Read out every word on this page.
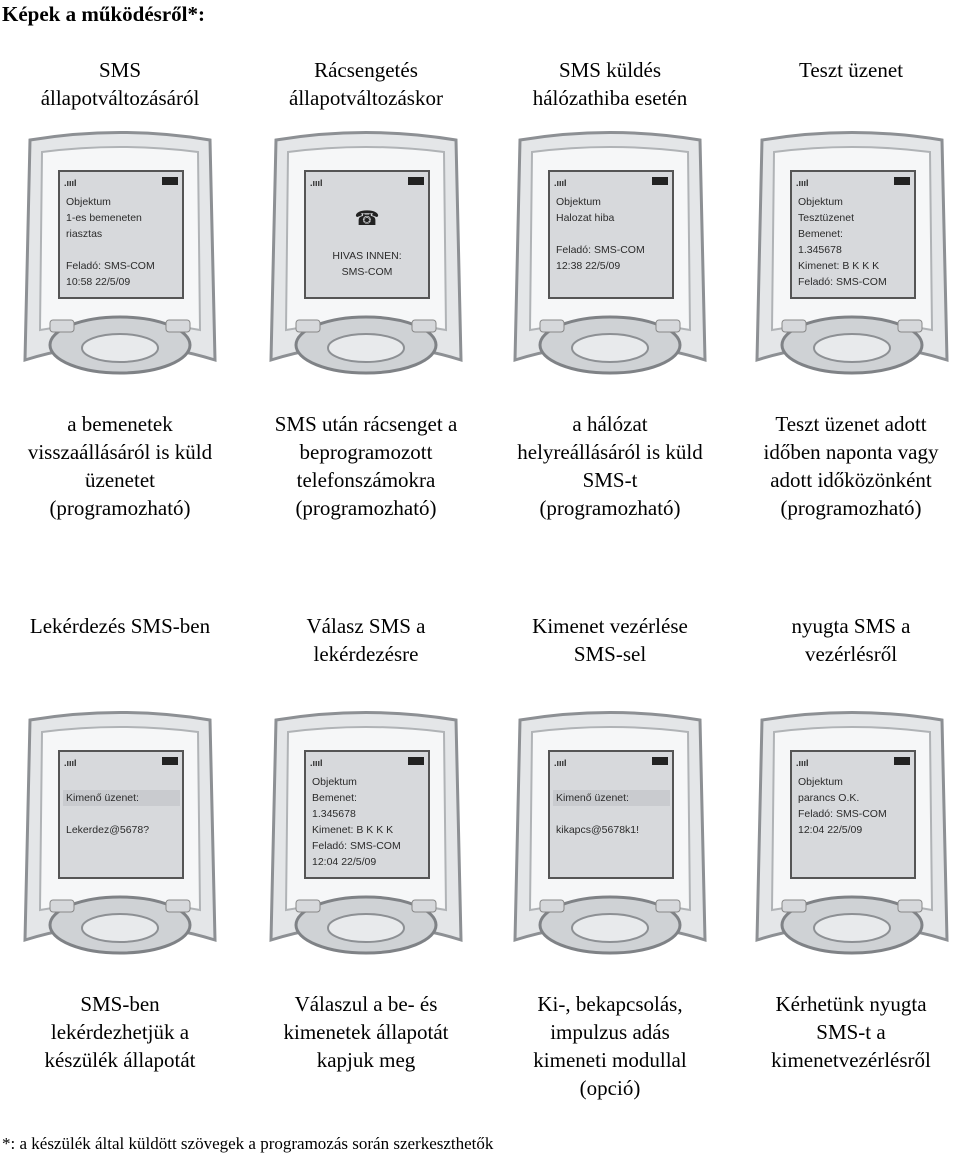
Képek a működésről*:
SMS
állapotváltozásáról
Rácsengetés
állapotváltozáskor
SMS küldés
hálózathiba esetén
Teszt üzenet
.ıııl
Objektum
1-es bemeneten
riasztas

Feladó: SMS-COM
10:58 22/5/09
.ıııl

☎

HIVAS INNEN:
SMS-COM

.ıııl
Objektum
Halozat hiba

Feladó: SMS-COM
12:38 22/5/09
.ıııl
Objektum
Tesztüzenet
Bemenet:
1.345678
Kimenet: B K K K
Feladó: SMS-COM
a bemenetek
visszaállásáról is küld
üzenetet
(programozható)
SMS után rácsenget a
beprogramozott
telefonszámokra
(programozható)
a hálózat
helyreállásáról is küld
SMS-t
(programozható)
Teszt üzenet adott
időben naponta vagy
adott időközönként
(programozható)
Lekérdezés SMS-ben	Válasz SMS a
lekérdezésre
Kimenet vezérlése
SMS-sel
nyugta SMS a
vezérlésről
.ıııl

Kimenő üzenet:

Lekerdez@5678?

.ıııl
Objektum
Bemenet:
1.345678
Kimenet: B K K K
Feladó: SMS-COM
12:04 22/5/09
.ıııl

Kimenő üzenet:

kikapcs@5678k1!

.ıııl
Objektum
parancs O.K.
Feladó: SMS-COM
12:04 22/5/09
SMS-ben
lekérdezhetjük a
készülék állapotát
Válaszul a be- és
kimenetek állapotát
kapjuk meg
Ki-, bekapcsolás,
impulzus adás
kimeneti modullal
(opció)
Kérhetünk nyugta
SMS-t a
kimenetvezérlésről
*: a készülék által küldött szövegek a programozás során szerkeszthetők
